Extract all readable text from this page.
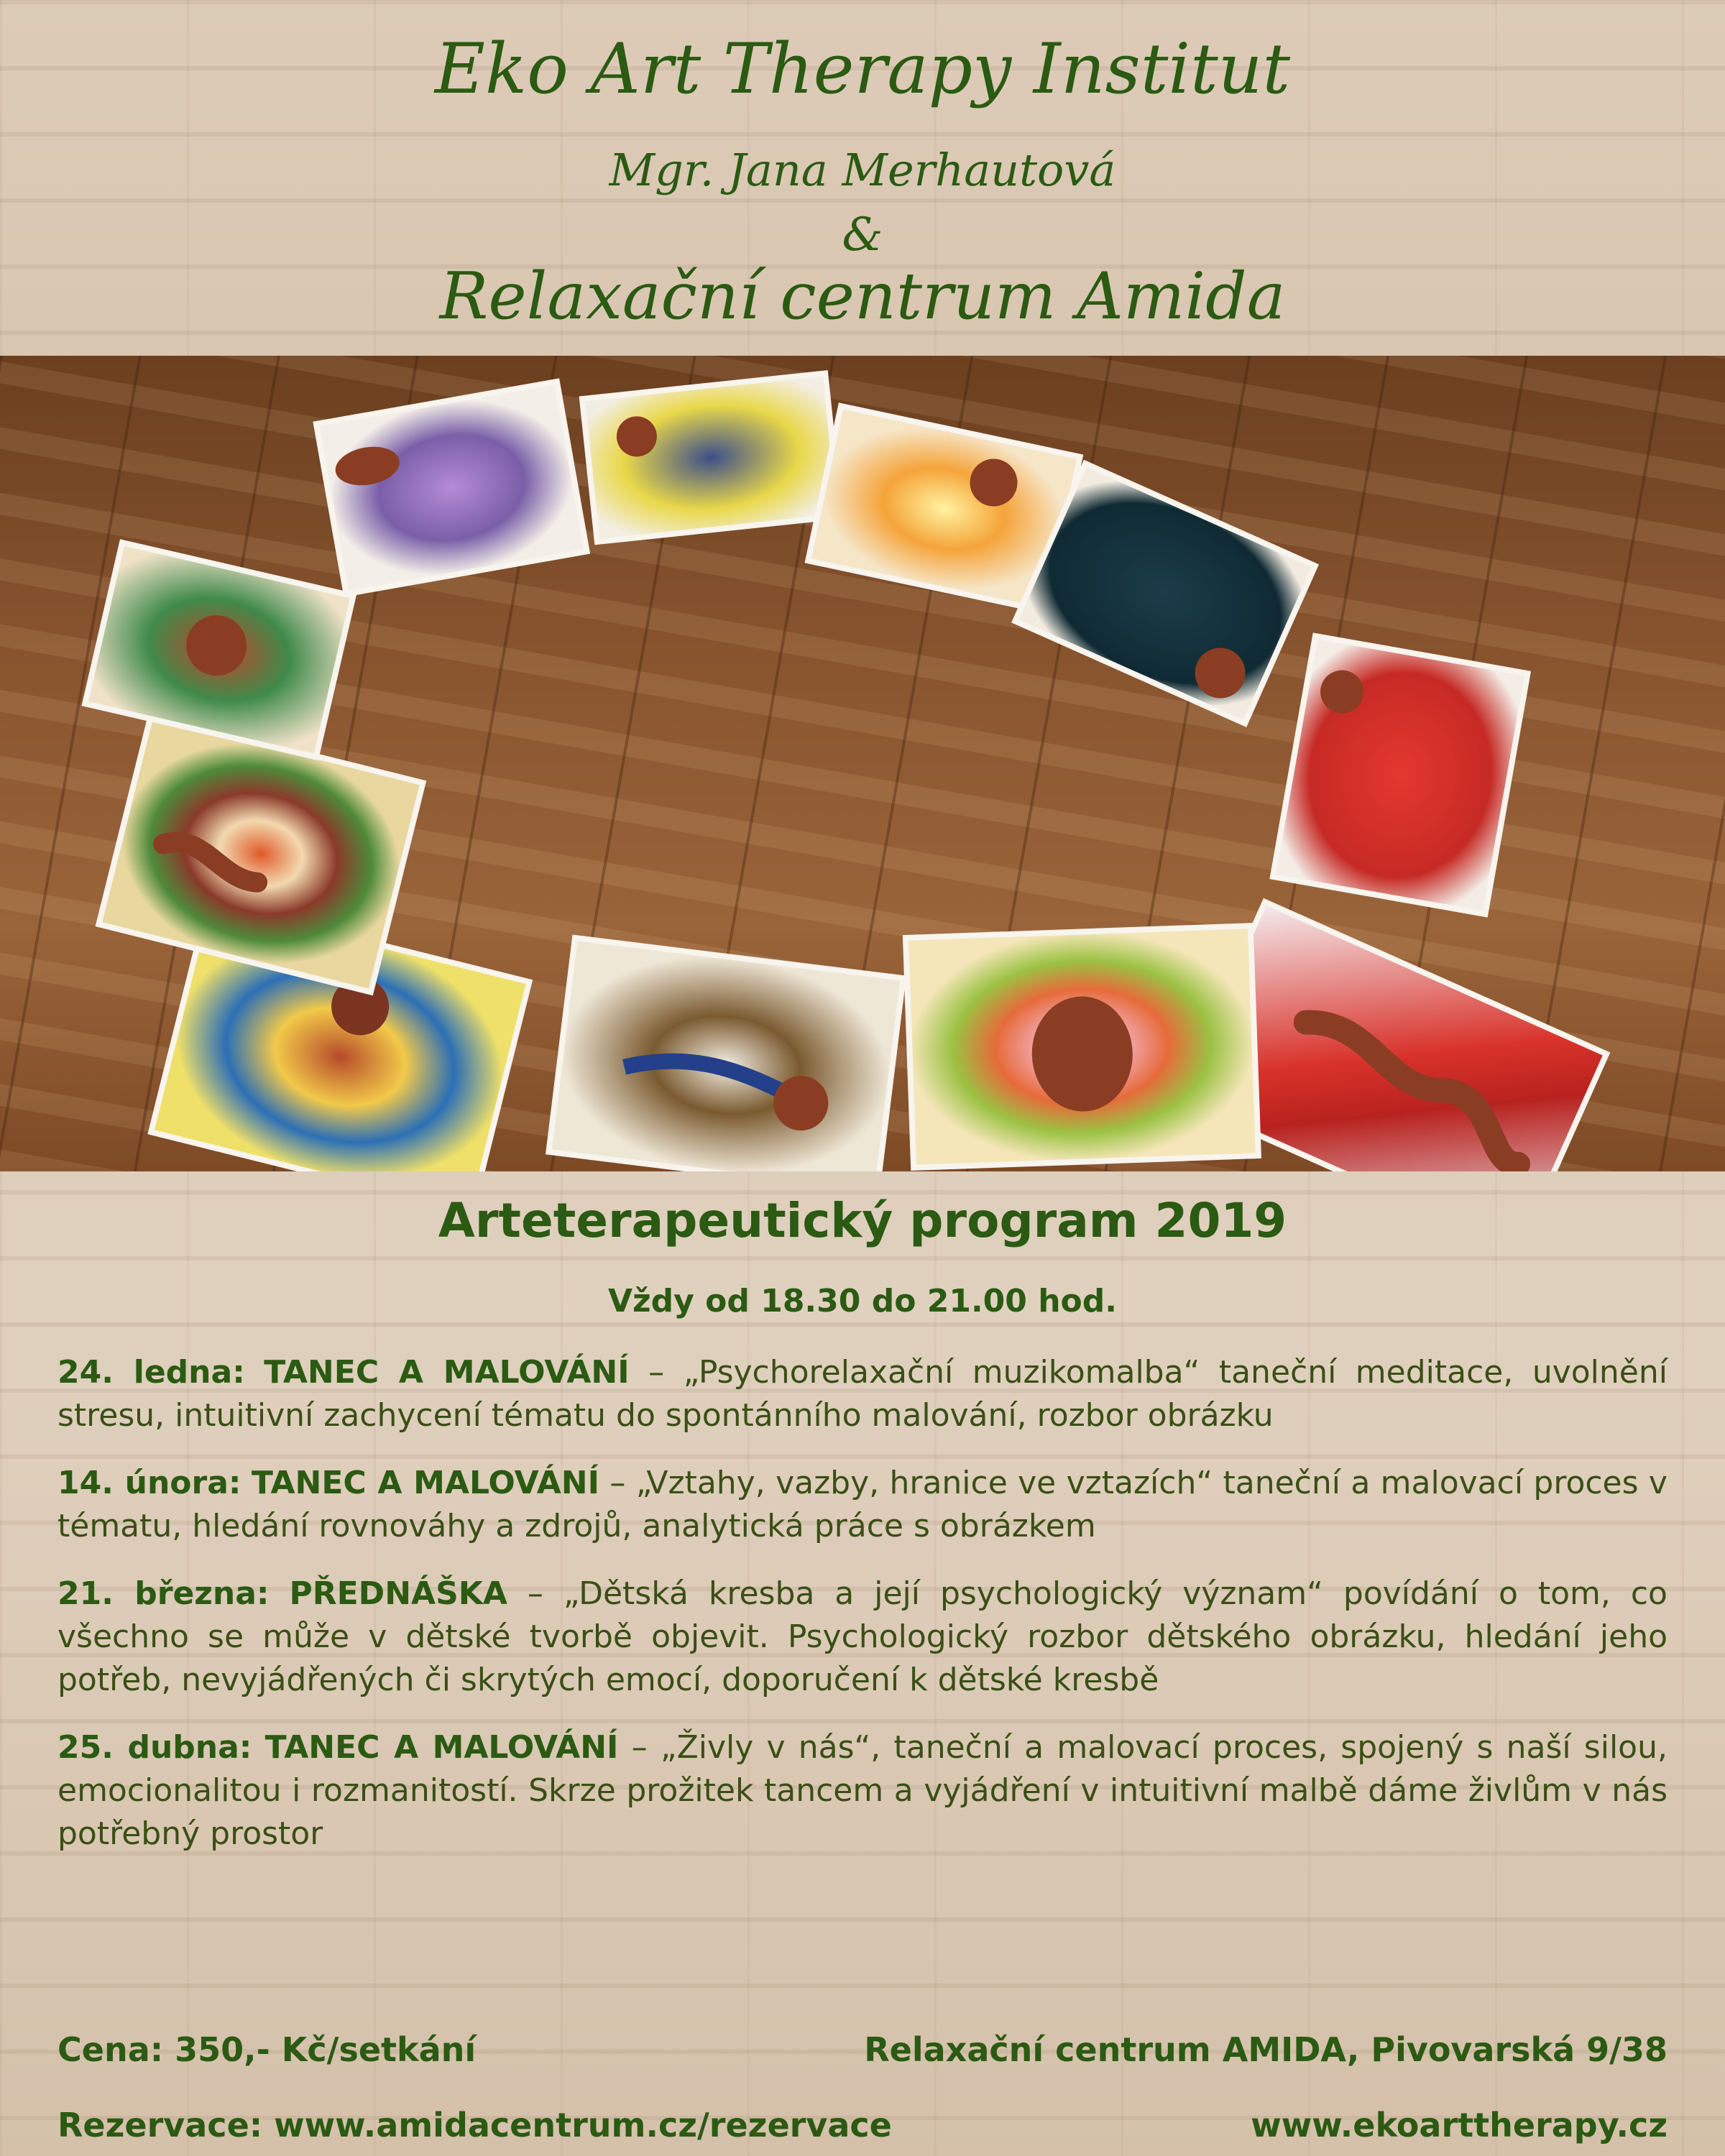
Eko Art Therapy Institut
Mgr. Jana Merhautová
&
Relaxační centrum Amida
Arteterapeutický program 2019
Vždy od 18.30 do 21.00 hod.
24. ledna: TANEC A MALOVÁNÍ – „Psychorelaxační muzikomalba“ taneční meditace, uvolnění stresu, intuitivní zachycení tématu do spontánního malování, rozbor obrázku
14. února: TANEC A MALOVÁNÍ – „Vztahy, vazby, hranice ve vztazích“ taneční a malovací proces v tématu, hledání rovnováhy a zdrojů, analytická práce s obrázkem
21. března: PŘEDNÁŠKA – „Dětská kresba a její psychologický význam“ povídání o tom, co všechno se může v dětské tvorbě objevit. Psychologický rozbor dětského obrázku, hledání jeho potřeb, nevyjádřených či skrytých emocí, doporučení k dětské kresbě
25. dubna: TANEC A MALOVÁNÍ – „Živly v nás“, taneční a malovací proces, spojený s naší silou, emocionalitou i rozmanitostí. Skrze prožitek tancem a vyjádření v intuitivní malbě dáme živlům v nás potřebný prostor
Cena: 350,- Kč/setkání	Relaxační centrum AMIDA, Pivovarská 9/38
Rezervace: www.amidacentrum.cz/rezervace	www.ekoarttherapy.cz
